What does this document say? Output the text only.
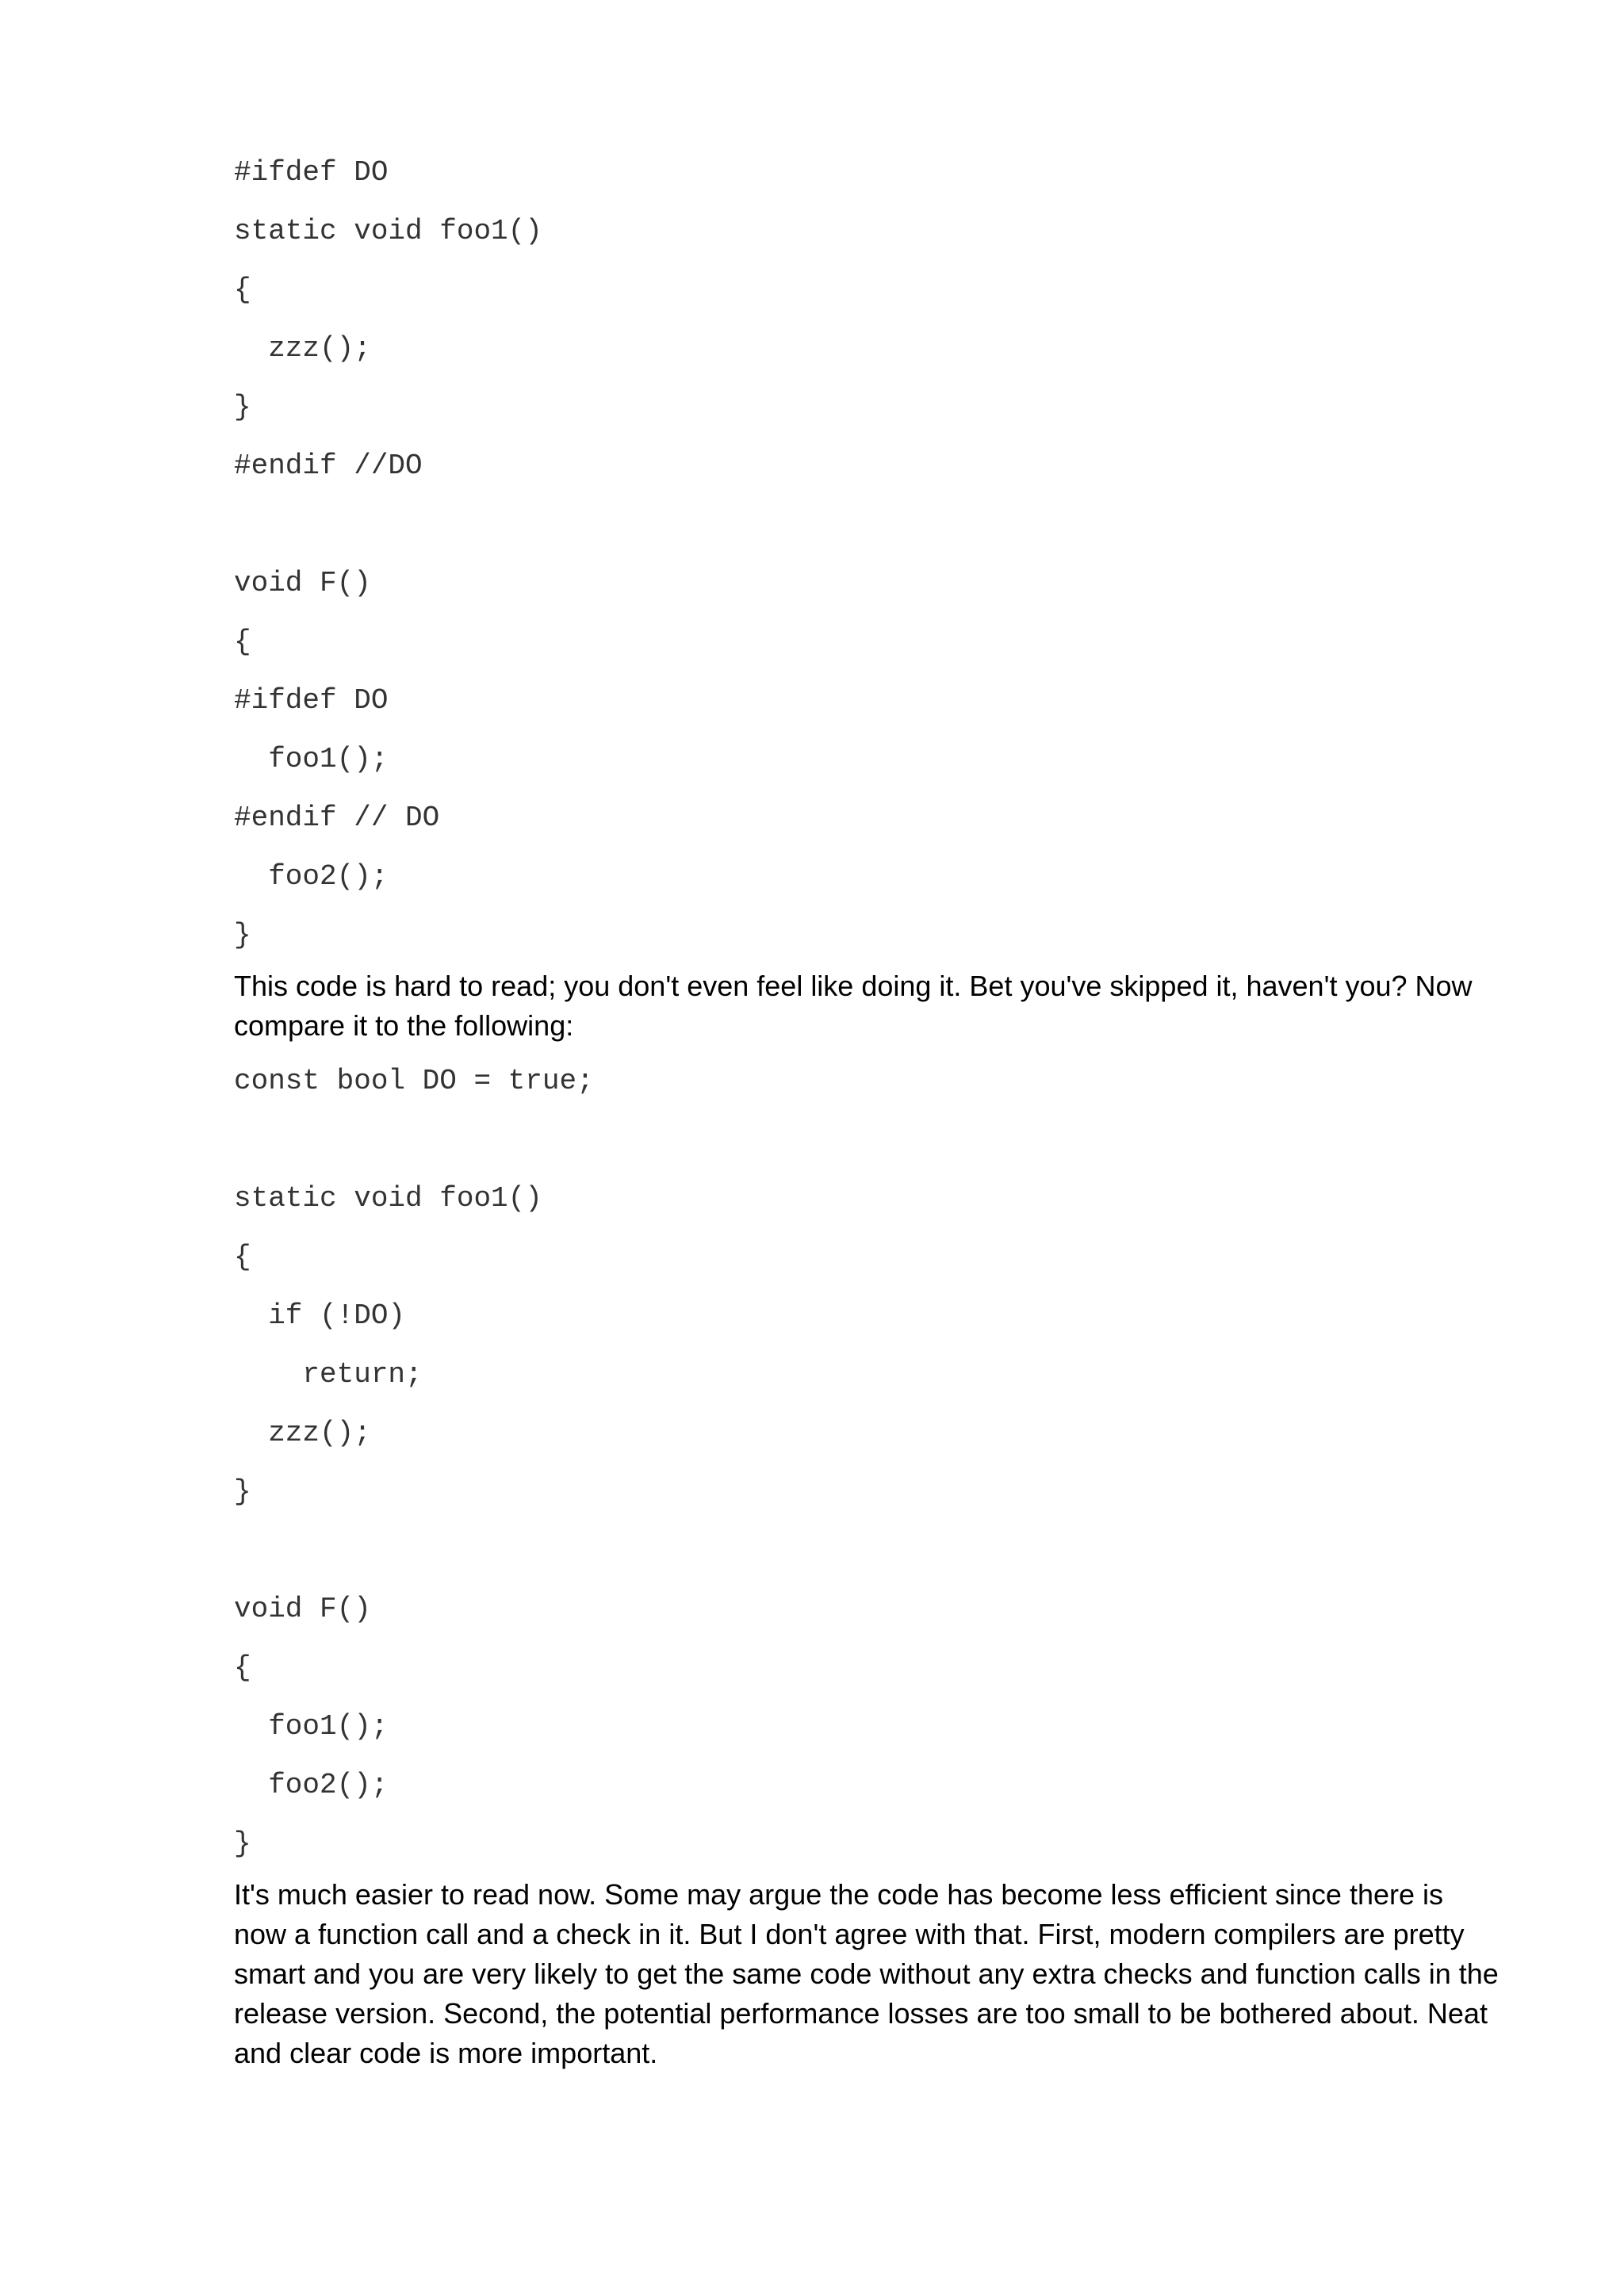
#ifdef DO
static void foo1()
{
zzz();
}
#endif //DO
void F()
{
#ifdef DO
foo1();
#endif // DO
foo2();
}

This code is hard to read; you don't even feel like doing it. Bet you've skipped it, haven't you? Now compare it to the following:

const bool DO = true;
static void foo1()
{
if (!DO)
return;
zzz();
}
void F()
{
foo1();
foo2();
}

It's much easier to read now. Some may argue the code has become less efficient since there is now a function call and a check in it. But I don't agree with that. First, modern compilers are pretty smart and you are very likely to get the same code without any extra checks and function calls in the release version. Second, the potential performance losses are too small to be bothered about. Neat and clear code is more important.
